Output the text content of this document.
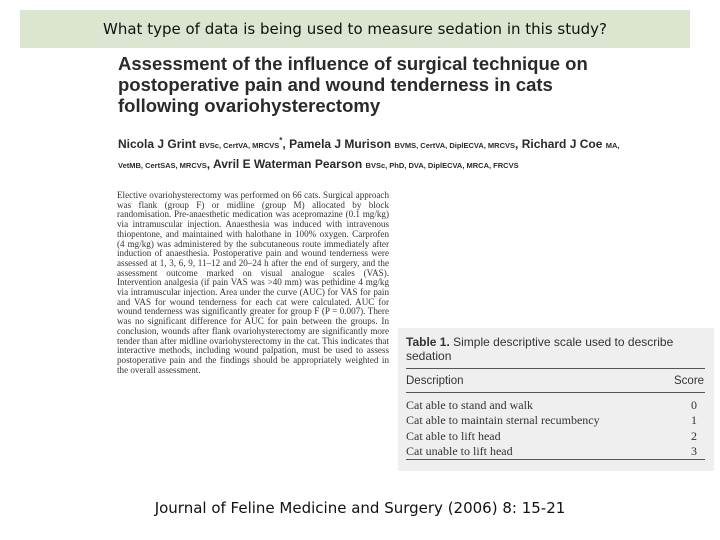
What type of data is being used to measure sedation in this study?
Assessment of the influence of surgical technique on
postoperative pain and wound tenderness in cats
following ovariohysterectomy
Nicola J Grint BVSc, CertVA, MRCVS*, Pamela J Murison BVMS, CertVA, DiplECVA, MRCVS, Richard J Coe MA, VetMB, CertSAS, MRCVS, Avril E Waterman Pearson BVSc, PhD, DVA, DiplECVA, MRCA, FRCVS
Elective ovariohysterectomy was performed on 66 cats. Surgical approach was flank (group F) or midline (group M) allocated by block randomisation. Pre-anaesthetic medication was acepromazine (0.1 mg/kg) via intramuscular injection. Anaesthesia was induced with intravenous thiopentone, and maintained with halothane in 100% oxygen. Carprofen (4 mg/kg) was administered by the subcutaneous route immediately after induction of anaesthesia. Postoperative pain and wound tenderness were assessed at 1, 3, 6, 9, 11–12 and 20–24 h after the end of surgery, and the assessment outcome marked on visual analogue scales (VAS). Intervention analgesia (if pain VAS was >40 mm) was pethidine 4 mg/kg via intramuscular injection. Area under the curve (AUC) for VAS for pain and VAS for wound tenderness for each cat were calculated. AUC for wound tenderness was significantly greater for group F (P = 0.007). There was no significant difference for AUC for pain between the groups. In conclusion, wounds after flank ovariohysterectomy are significantly more tender than after midline ovariohysterectomy in the cat. This indicates that interactive methods, including wound palpation, must be used to assess postoperative pain and the findings should be appropriately weighted in the overall assessment.
Table 1. Simple descriptive scale used to describe sedation
Description	Score
Cat able to stand and walk	0
Cat able to maintain sternal recumbency	1
Cat able to lift head	2
Cat unable to lift head	3
Journal of Feline Medicine and Surgery (2006) 8: 15-21
